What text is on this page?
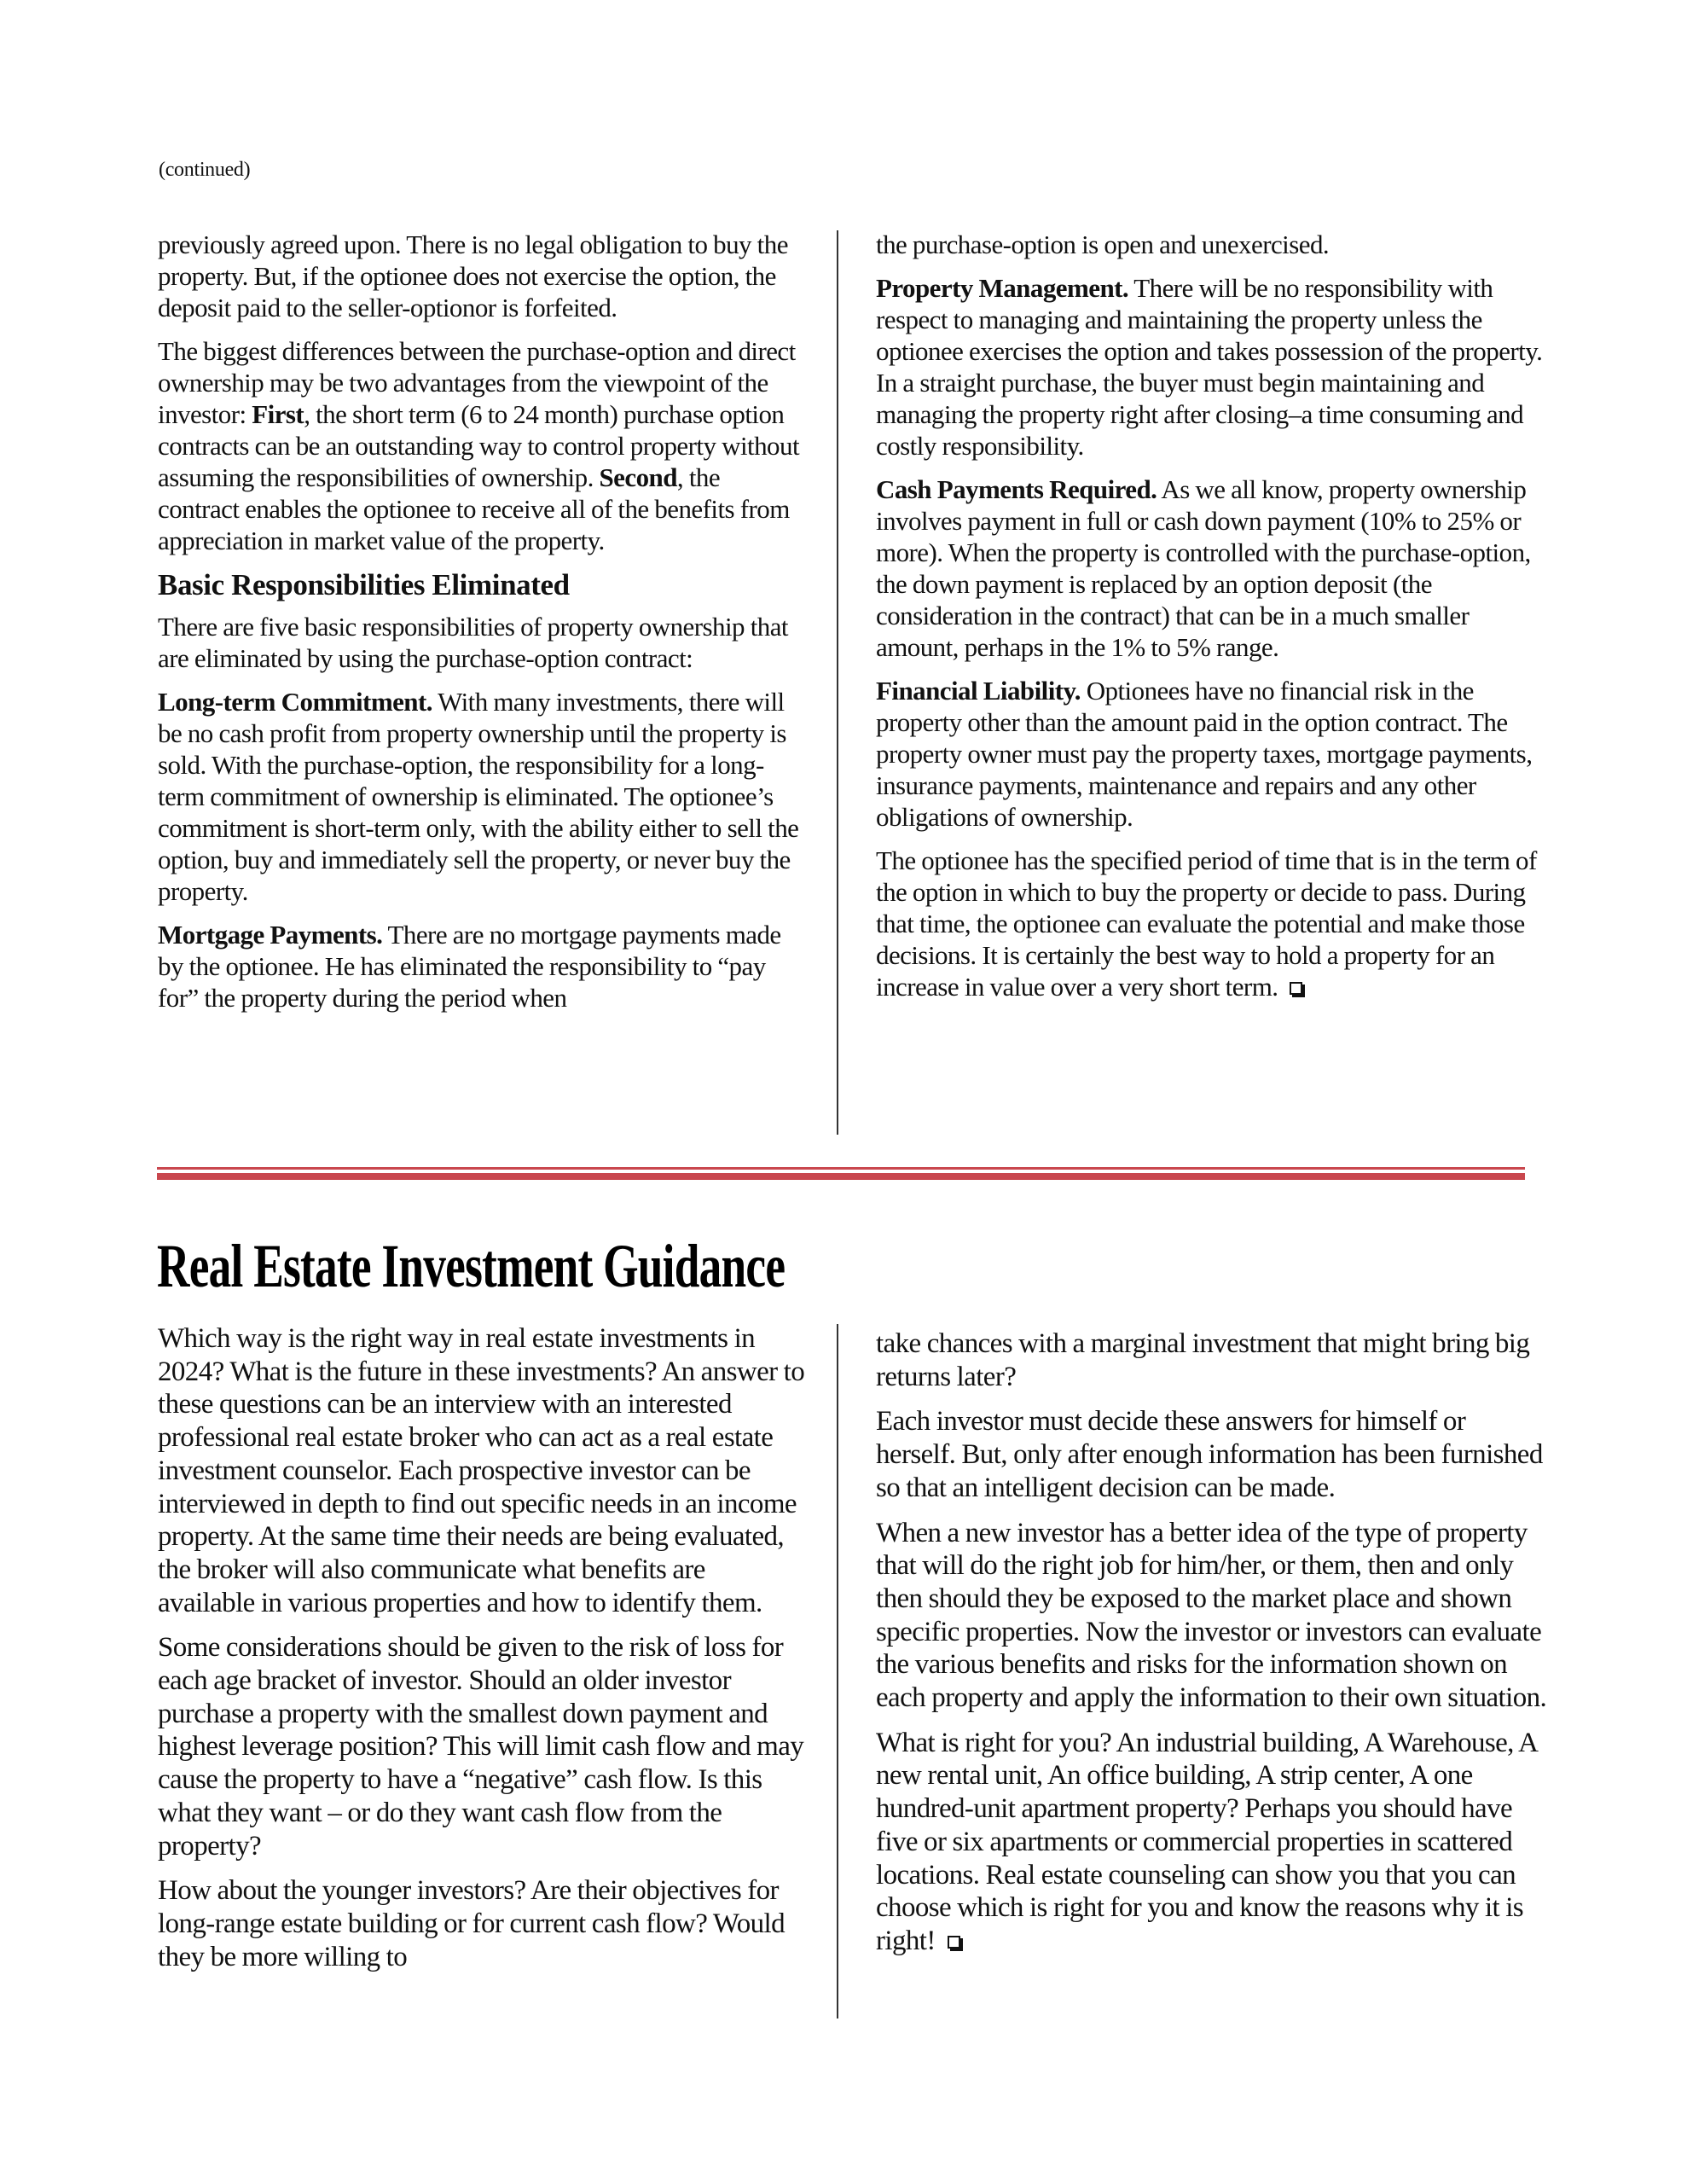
(continued)

previously agreed upon. There is no legal obligation to buy the property. But, if the optionee does not exercise the option, the deposit paid to the seller-optionor is forfeited.

The biggest differences between the purchase-option and direct ownership may be two advantages from the viewpoint of the investor: First, the short term (6 to 24 month) purchase option contracts can be an outstanding way to control property without assuming the responsibilities of ownership. Second, the contract enables the optionee to receive all of the benefits from appreciation in market value of the property.

Basic Responsibilities Eliminated

There are five basic responsibilities of property ownership that are eliminated by using the purchase-option contract:

Long-term Commitment. With many investments, there will be no cash profit from property ownership until the property is sold. With the purchase-option, the responsibility for a long-term commitment of ownership is eliminated. The optionee’s commitment is short-term only, with the ability either to sell the option, buy and immediately sell the property, or never buy the property.

Mortgage Payments. There are no mortgage payments made by the optionee. He has eliminated the responsibility to “pay for” the property during the period when

the purchase-option is open and unexercised.

Property Management. There will be no responsibility with respect to managing and maintaining the property unless the optionee exercises the option and takes possession of the property. In a straight purchase, the buyer must begin maintaining and managing the property right after closing–a time consuming and costly responsibility.

Cash Payments Required. As we all know, property ownership involves payment in full or cash down payment (10% to 25% or more). When the property is controlled with the purchase-option, the down payment is replaced by an option deposit (the consideration in the contract) that can be in a much smaller amount, perhaps in the 1% to 5% range.

Financial Liability. Optionees have no financial risk in the property other than the amount paid in the option contract. The property owner must pay the property taxes, mortgage payments, insurance payments, maintenance and repairs and any other obligations of ownership.

The optionee has the specified period of time that is in the term of the option in which to buy the property or decide to pass. During that time, the optionee can evaluate the potential and make those decisions. It is certainly the best way to hold a property for an increase in value over a very short term.

Real Estate Investment Guidance

Which way is the right way in real estate investments in 2024? What is the future in these investments? An answer to these questions can be an interview with an interested professional real estate broker who can act as a real estate investment counselor. Each prospective investor can be interviewed in depth to find out specific needs in an income property. At the same time their needs are being evaluated, the broker will also communicate what benefits are available in various properties and how to identify them.

Some considerations should be given to the risk of loss for each age bracket of investor. Should an older investor purchase a property with the smallest down payment and highest leverage position? This will limit cash flow and may cause the property to have a “negative” cash flow. Is this what they want – or do they want cash flow from the property?

How about the younger investors? Are their objectives for long-range estate building or for current cash flow? Would they be more willing to

take chances with a marginal investment that might bring big returns later?

Each investor must decide these answers for himself or herself. But, only after enough information has been furnished so that an intelligent decision can be made.

When a new investor has a better idea of the type of property that will do the right job for him/her, or them, then and only then should they be exposed to the market place and shown specific properties. Now the investor or investors can evaluate the various benefits and risks for the information shown on each property and apply the information to their own situation.

What is right for you? An industrial building, A Warehouse, A new rental unit, An office building, A strip center, A one hundred-unit apartment property? Perhaps you should have five or six apartments or commercial properties in scattered locations. Real estate counseling can show you that you can choose which is right for you and know the reasons why it is right!
